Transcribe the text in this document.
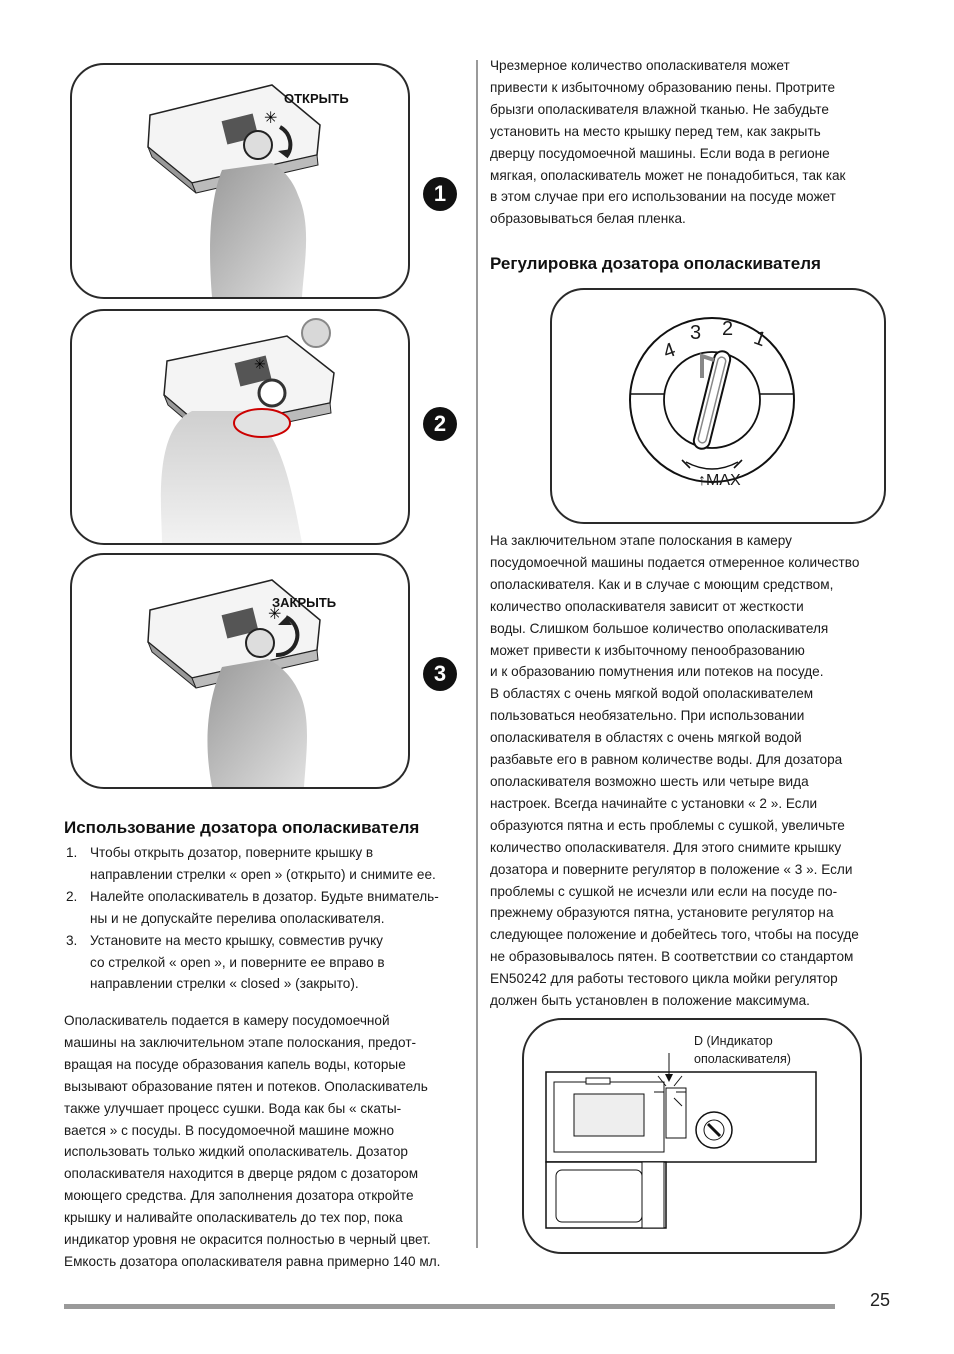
✳
ОТКРЫТЬ
1
✳
2
✳
ЗАКРЫТЬ
3
Использование дозатора ополаскивателя
1. Чтобы открыть дозатор, поверните крышку в
направлении стрелки « open » (открыто) и снимите ее.
2. Налейте ополаскиватель в дозатор. Будьте вниматель-
ны и не допускайте перелива ополаскивателя.
3. Установите на место крышку, совместив ручку
со стрелкой « open », и поверните ее вправо в
направлении стрелки « closed » (закрыто).

Ополаскиватель подается в камеру посудомоечной

машины на заключительном этапе полоскания, предот-

вращая на посуде образования капель воды, которые

вызывают образование пятен и потеков. Ополаскиватель

также улучшает процесс сушки. Вода как бы « скаты-

вается » с посуды. В посудомоечной машине можно

использовать только жидкий ополаскиватель. Дозатор

ополаскивателя находится в дверце рядом с дозатором

моющего средства. Для заполнения дозатора откройте

крышку и наливайте ополаскиватель до тех пор, пока

индикатор уровня не окрасится полностью в черный цвет.

Емкость дозатора ополаскивателя равна примерно 140 мл.

Чрезмерное количество ополаскивателя может

привести к избыточному образованию пены. Протрите

брызги ополаскивателя влажной тканью. Не забудьте

установить на место крышку перед тем, как закрыть

дверцу посудомоечной машины. Если вода в регионе

мягкая, ополаскиватель может не понадобиться, так как

в этом случае при его использовании на посуде может

образовываться белая пленка.

Регулировка дозатора ополаскивателя
4
3 2 1
↑MAX

На заключительном этапе полоскания в камеру

посудомоечной машины подается отмеренное количество

ополаскивателя. Как и в случае с моющим средством,

количество ополаскивателя зависит от жесткости

воды. Слишком большое количество ополаскивателя

может привести к избыточному пенообразованию

и к образованию помутнения или потеков на посуде.

В областях с очень мягкой водой ополаскивателем

пользоваться необязательно. При использовании

ополаскивателя в областях с очень мягкой водой

разбавьте его в равном количестве воды. Для дозатора

ополаскивателя возможно шесть или четыре вида

настроек. Всегда начинайте с установки « 2 ». Если

образуются пятна и есть проблемы с сушкой, увеличьте

количество ополаскивателя. Для этого снимите крышку

дозатора и поверните регулятор в положение « 3 ». Если

проблемы с сушкой не исчезли или если на посуде по-

прежнему образуются пятна, установите регулятор на

следующее положение и добейтесь того, чтобы на посуде

не образовывалось пятен. В соответствии со стандартом

EN50242 для работы тестового цикла мойки регулятор

должен быть установлен в положение максимума.

D (Индикатор
ополаскивателя)
25
